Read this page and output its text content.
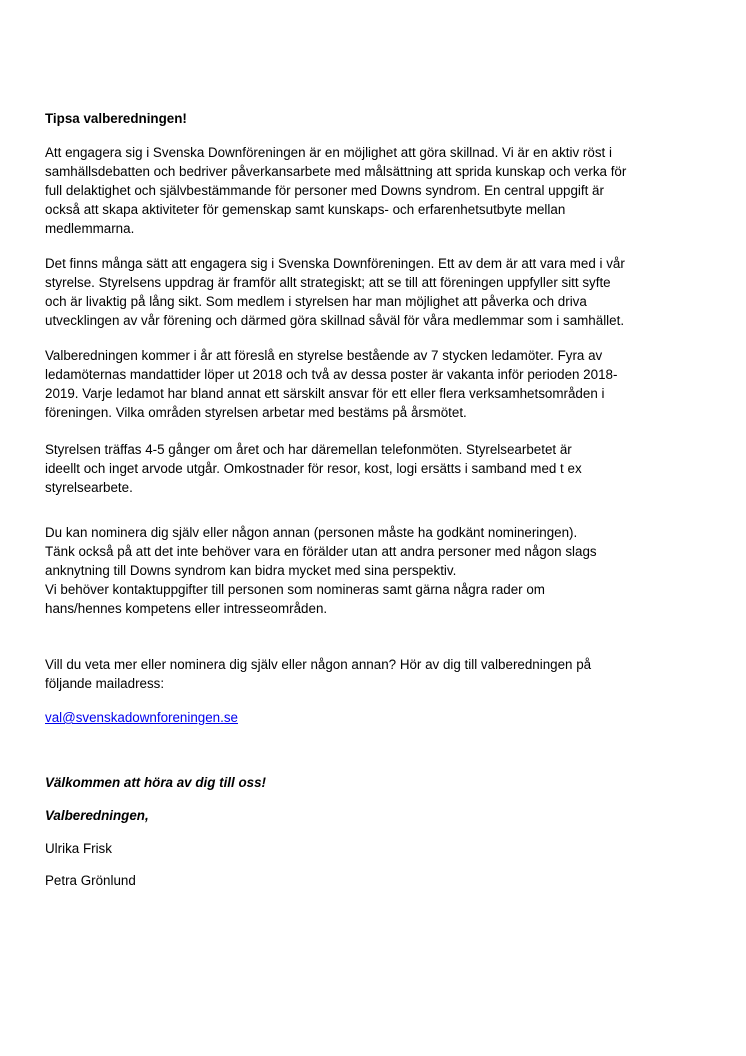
Tipsa valberedningen!

Att engagera sig i Svenska Downföreningen är en möjlighet att göra skillnad. Vi är en aktiv röst i
samhällsdebatten och bedriver påverkansarbete med målsättning att sprida kunskap och verka för
full delaktighet och självbestämmande för personer med Downs syndrom. En central uppgift är
också att skapa aktiviteter för gemenskap samt kunskaps- och erfarenhetsutbyte mellan
medlemmarna.

Det finns många sätt att engagera sig i Svenska Downföreningen. Ett av dem är att vara med i vår
styrelse. Styrelsens uppdrag är framför allt strategiskt; att se till att föreningen uppfyller sitt syfte
och är livaktig på lång sikt. Som medlem i styrelsen har man möjlighet att påverka och driva
utvecklingen av vår förening och därmed göra skillnad såväl för våra medlemmar som i samhället.

Valberedningen kommer i år att föreslå en styrelse bestående av 7 stycken ledamöter. Fyra av
ledamöternas mandattider löper ut 2018 och två av dessa poster är vakanta inför perioden 2018-
2019. Varje ledamot har bland annat ett särskilt ansvar för ett eller flera verksamhetsområden i
föreningen. Vilka områden styrelsen arbetar med bestäms på årsmötet.

Styrelsen träffas 4-5 gånger om året och har däremellan telefonmöten. Styrelsearbetet är
ideellt och inget arvode utgår. Omkostnader för resor, kost, logi ersätts i samband med t ex
styrelsearbete.

Du kan nominera dig själv eller någon annan (personen måste ha godkänt nomineringen).
Tänk också på att det inte behöver vara en förälder utan att andra personer med någon slags
anknytning till Downs syndrom kan bidra mycket med sina perspektiv.
Vi behöver kontaktuppgifter till personen som nomineras samt gärna några rader om
hans/hennes kompetens eller intresseområden.

Vill du veta mer eller nominera dig själv eller någon annan? Hör av dig till valberedningen på
följande mailadress:

val@svenskadownforeningen.se

Välkommen att höra av dig till oss!

Valberedningen,

Ulrika Frisk

Petra Grönlund
